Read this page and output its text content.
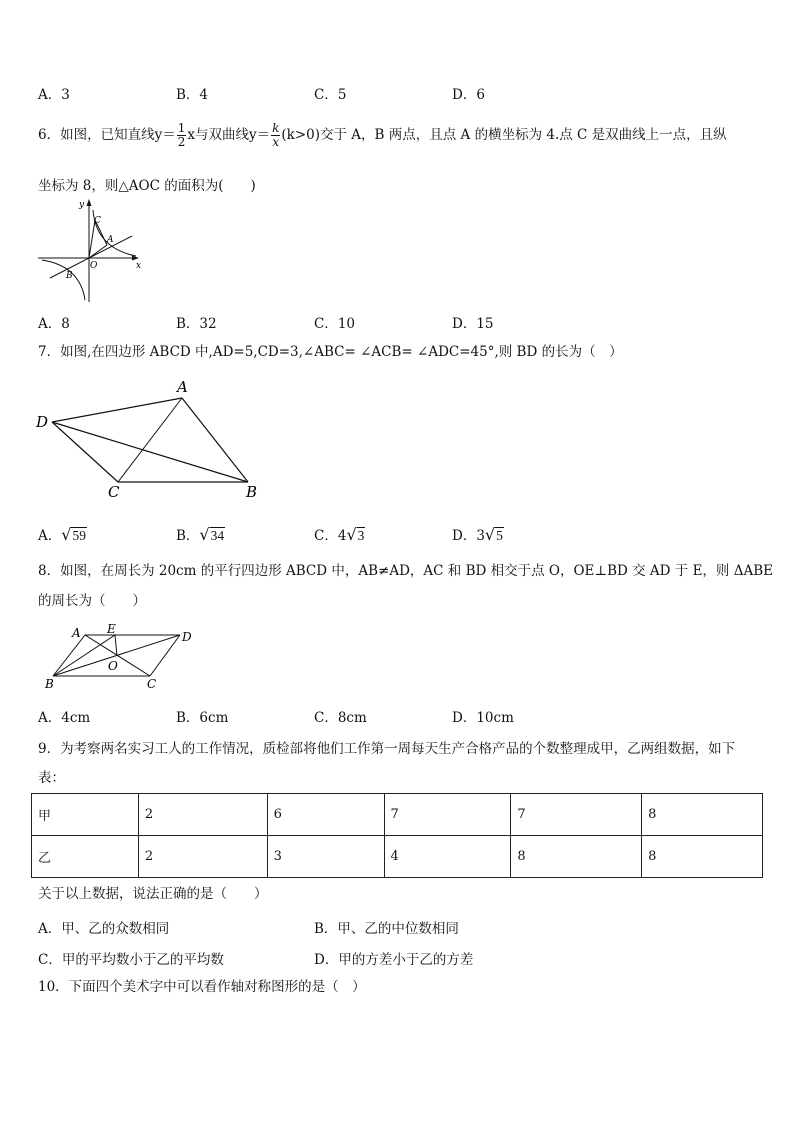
A．3	B．4	C．5	D．6
6．如图，已知直线$y= \frac{1}{2}$ x与双曲线$y= \frac{k}{x} (k>0)$交于 A，B 两点，且点 A 的横坐标为 4.点 C 是双曲线上一点，且纵
坐标为 8，则△AOC 的面积为(　　)
y
x
O
A
B
C
A．8	B．32	C．10	D．15
7．如图,在四边形 ABCD 中,AD=5,CD=3,∠ABC= ∠ACB= ∠ADC=45°,则 BD 的长为（　）
A
B
C
D
A．√59	B．√34	C．4√3	D．3√5
8．如图，在周长为 20cm 的平行四边形 ABCD 中，AB≠AD，AC 和 BD 相交于点 O，OE⊥BD 交 AD 于 E，则 ΔABE
的周长为（　　）
A
B	C
D
E
O
A．4cm	B．6cm	C．8cm	D．10cm
9．为考察两名实习工人的工作情况，质检部将他们工作第一周每天生产合格产品的个数整理成甲，乙两组数据，如下
表：
甲	2	6	7	7	8
乙	2	3	4	8	8
关于以上数据，说法正确的是（　　）
A．甲、乙的众数相同	B．甲、乙的中位数相同
C．甲的平均数小于乙的平均数	D．甲的方差小于乙的方差
10．下面四个美术字中可以看作轴对称图形的是（　）
